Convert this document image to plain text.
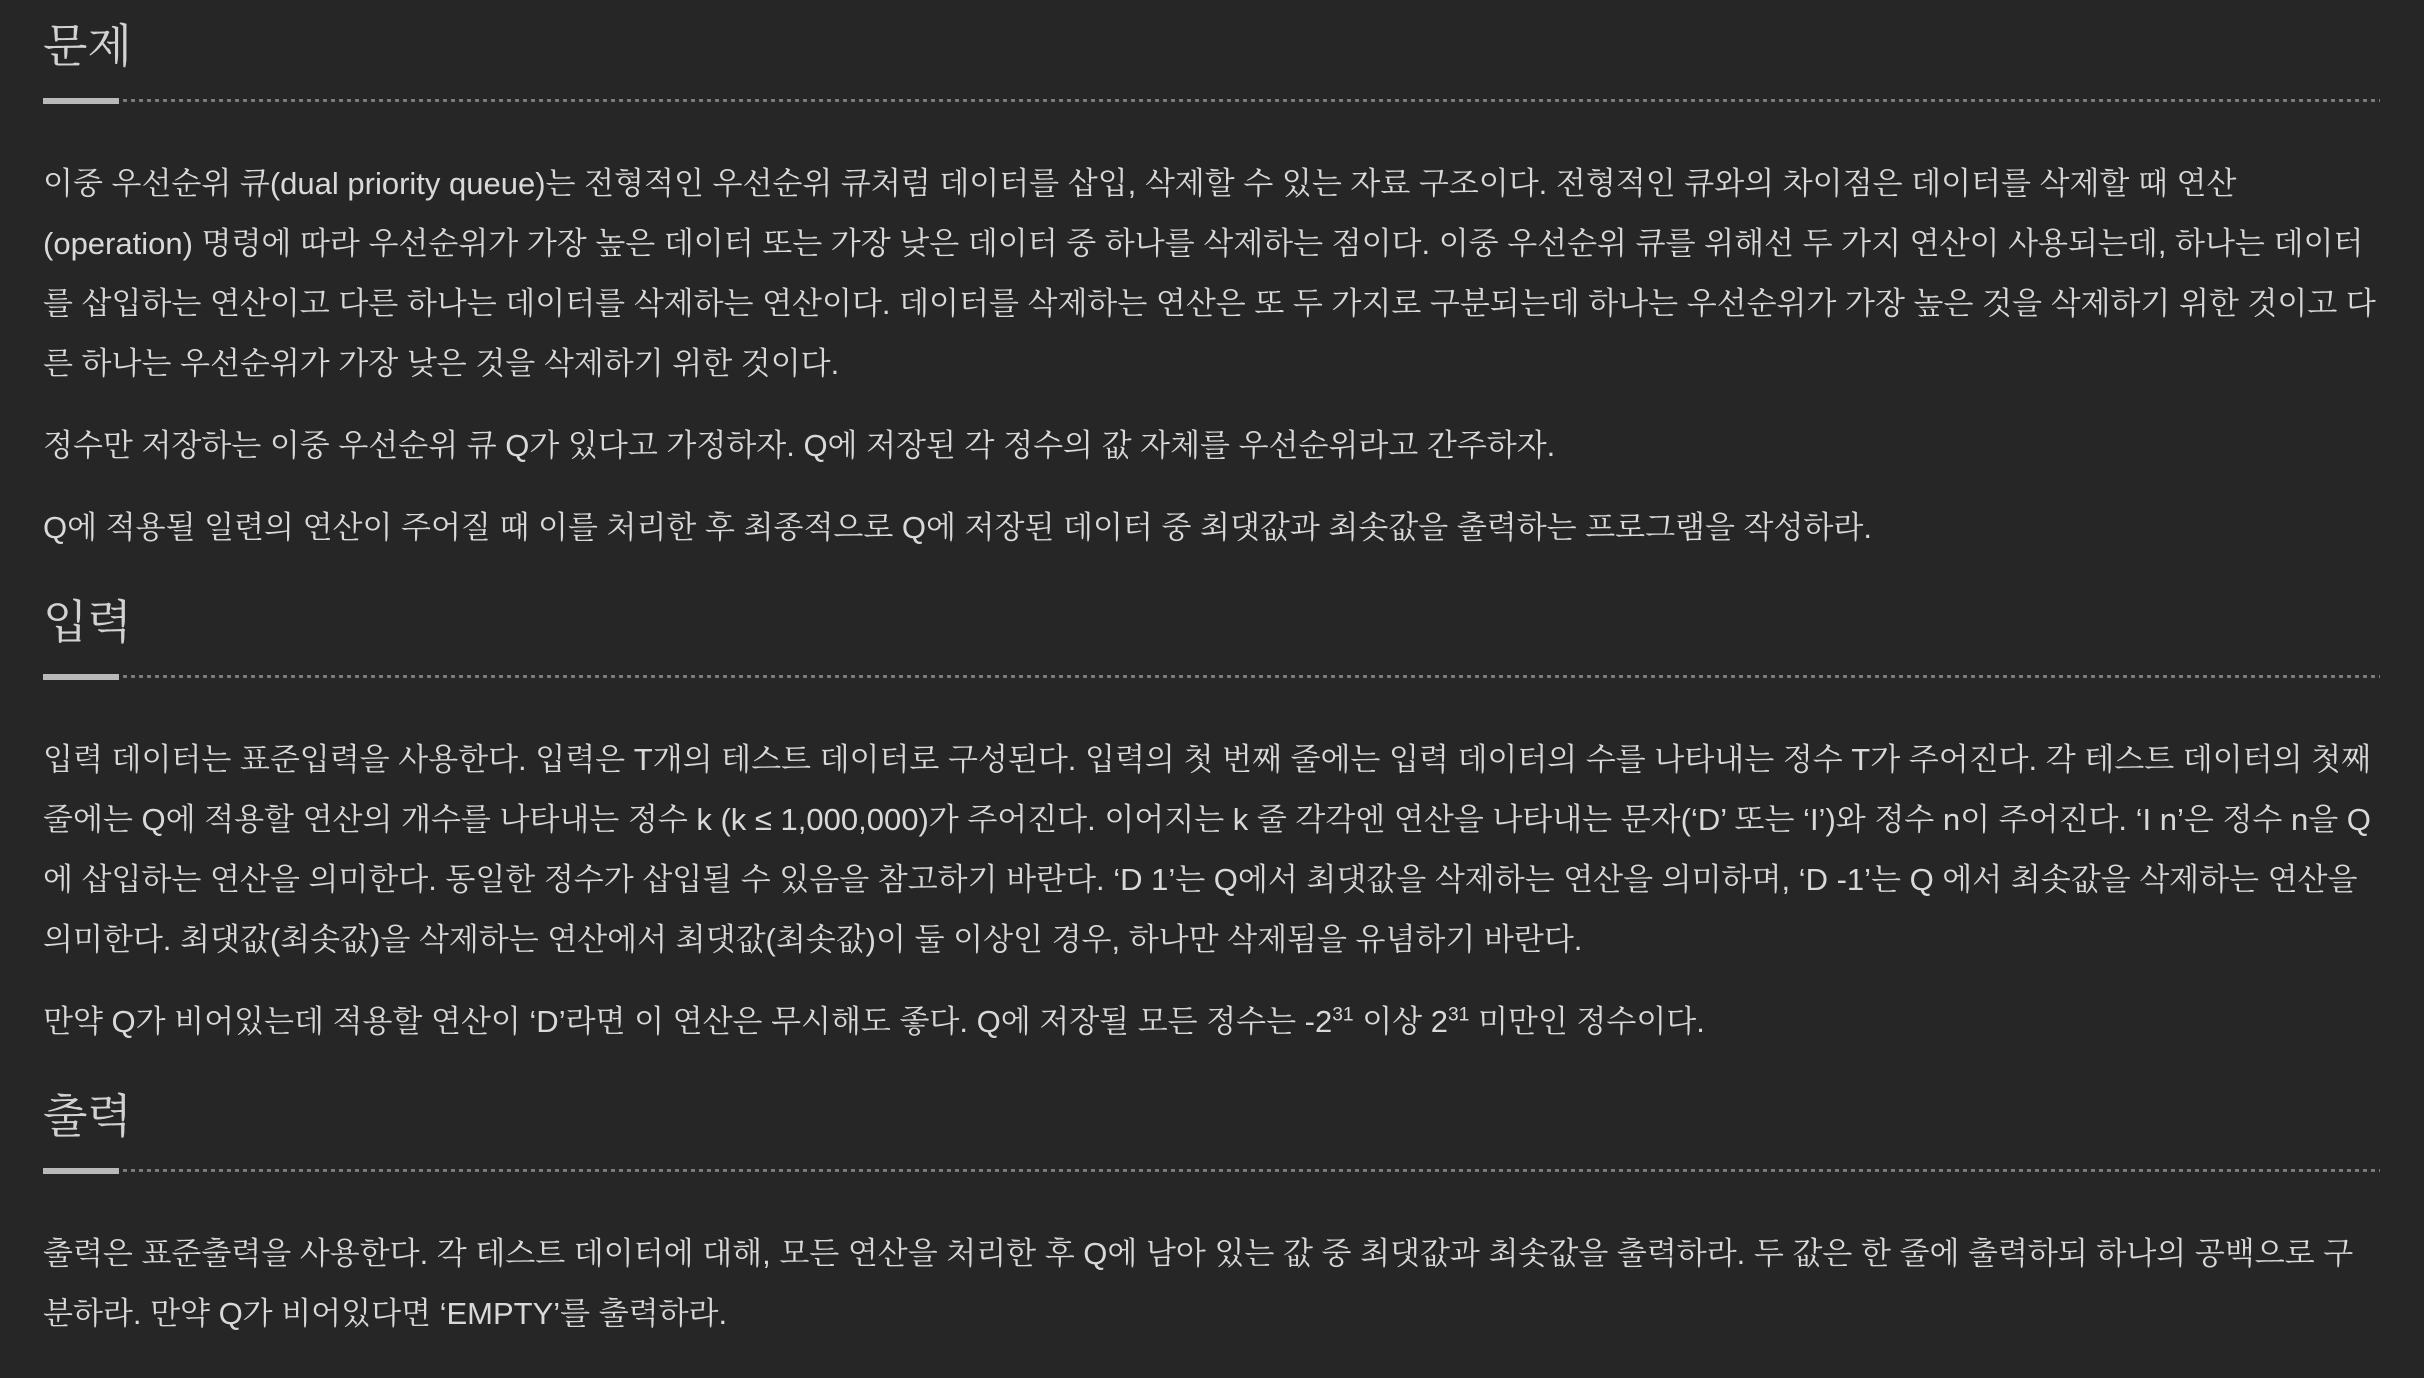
문제

이중 우선순위 큐(dual priority queue)는 전형적인 우선순위 큐처럼 데이터를 삽입, 삭제할 수 있는 자료 구조이다. 전형적인 큐와의 차이점은 데이터를 삭제할 때 연산(operation) 명령에 따라 우선순위가 가장 높은 데이터 또는 가장 낮은 데이터 중 하나를 삭제하는 점이다. 이중 우선순위 큐를 위해선 두 가지 연산이 사용되는데, 하나는 데이터를 삽입하는 연산이고 다른 하나는 데이터를 삭제하는 연산이다. 데이터를 삭제하는 연산은 또 두 가지로 구분되는데 하나는 우선순위가 가장 높은 것을 삭제하기 위한 것이고 다른 하나는 우선순위가 가장 낮은 것을 삭제하기 위한 것이다.

정수만 저장하는 이중 우선순위 큐 Q가 있다고 가정하자. Q에 저장된 각 정수의 값 자체를 우선순위라고 간주하자.

Q에 적용될 일련의 연산이 주어질 때 이를 처리한 후 최종적으로 Q에 저장된 데이터 중 최댓값과 최솟값을 출력하는 프로그램을 작성하라.

입력

입력 데이터는 표준입력을 사용한다. 입력은 T개의 테스트 데이터로 구성된다. 입력의 첫 번째 줄에는 입력 데이터의 수를 나타내는 정수 T가 주어진다. 각 테스트 데이터의 첫째 줄에는 Q에 적용할 연산의 개수를 나타내는 정수 k (k ≤ 1,000,000)가 주어진다. 이어지는 k 줄 각각엔 연산을 나타내는 문자(‘D’ 또는 ‘I’)와 정수 n이 주어진다. ‘I n’은 정수 n을 Q에 삽입하는 연산을 의미한다. 동일한 정수가 삽입될 수 있음을 참고하기 바란다. ‘D 1’는 Q에서 최댓값을 삭제하는 연산을 의미하며, ‘D -1’는 Q 에서 최솟값을 삭제하는 연산을 의미한다. 최댓값(최솟값)을 삭제하는 연산에서 최댓값(최솟값)이 둘 이상인 경우, 하나만 삭제됨을 유념하기 바란다.

만약 Q가 비어있는데 적용할 연산이 ‘D’라면 이 연산은 무시해도 좋다. Q에 저장될 모든 정수는 $-2^{31}$ 이상 $2^{31}$ 미만인 정수이다.

출력

출력은 표준출력을 사용한다. 각 테스트 데이터에 대해, 모든 연산을 처리한 후 Q에 남아 있는 값 중 최댓값과 최솟값을 출력하라. 두 값은 한 줄에 출력하되 하나의 공백으로 구분하라. 만약 Q가 비어있다면 ‘EMPTY’를 출력하라.
